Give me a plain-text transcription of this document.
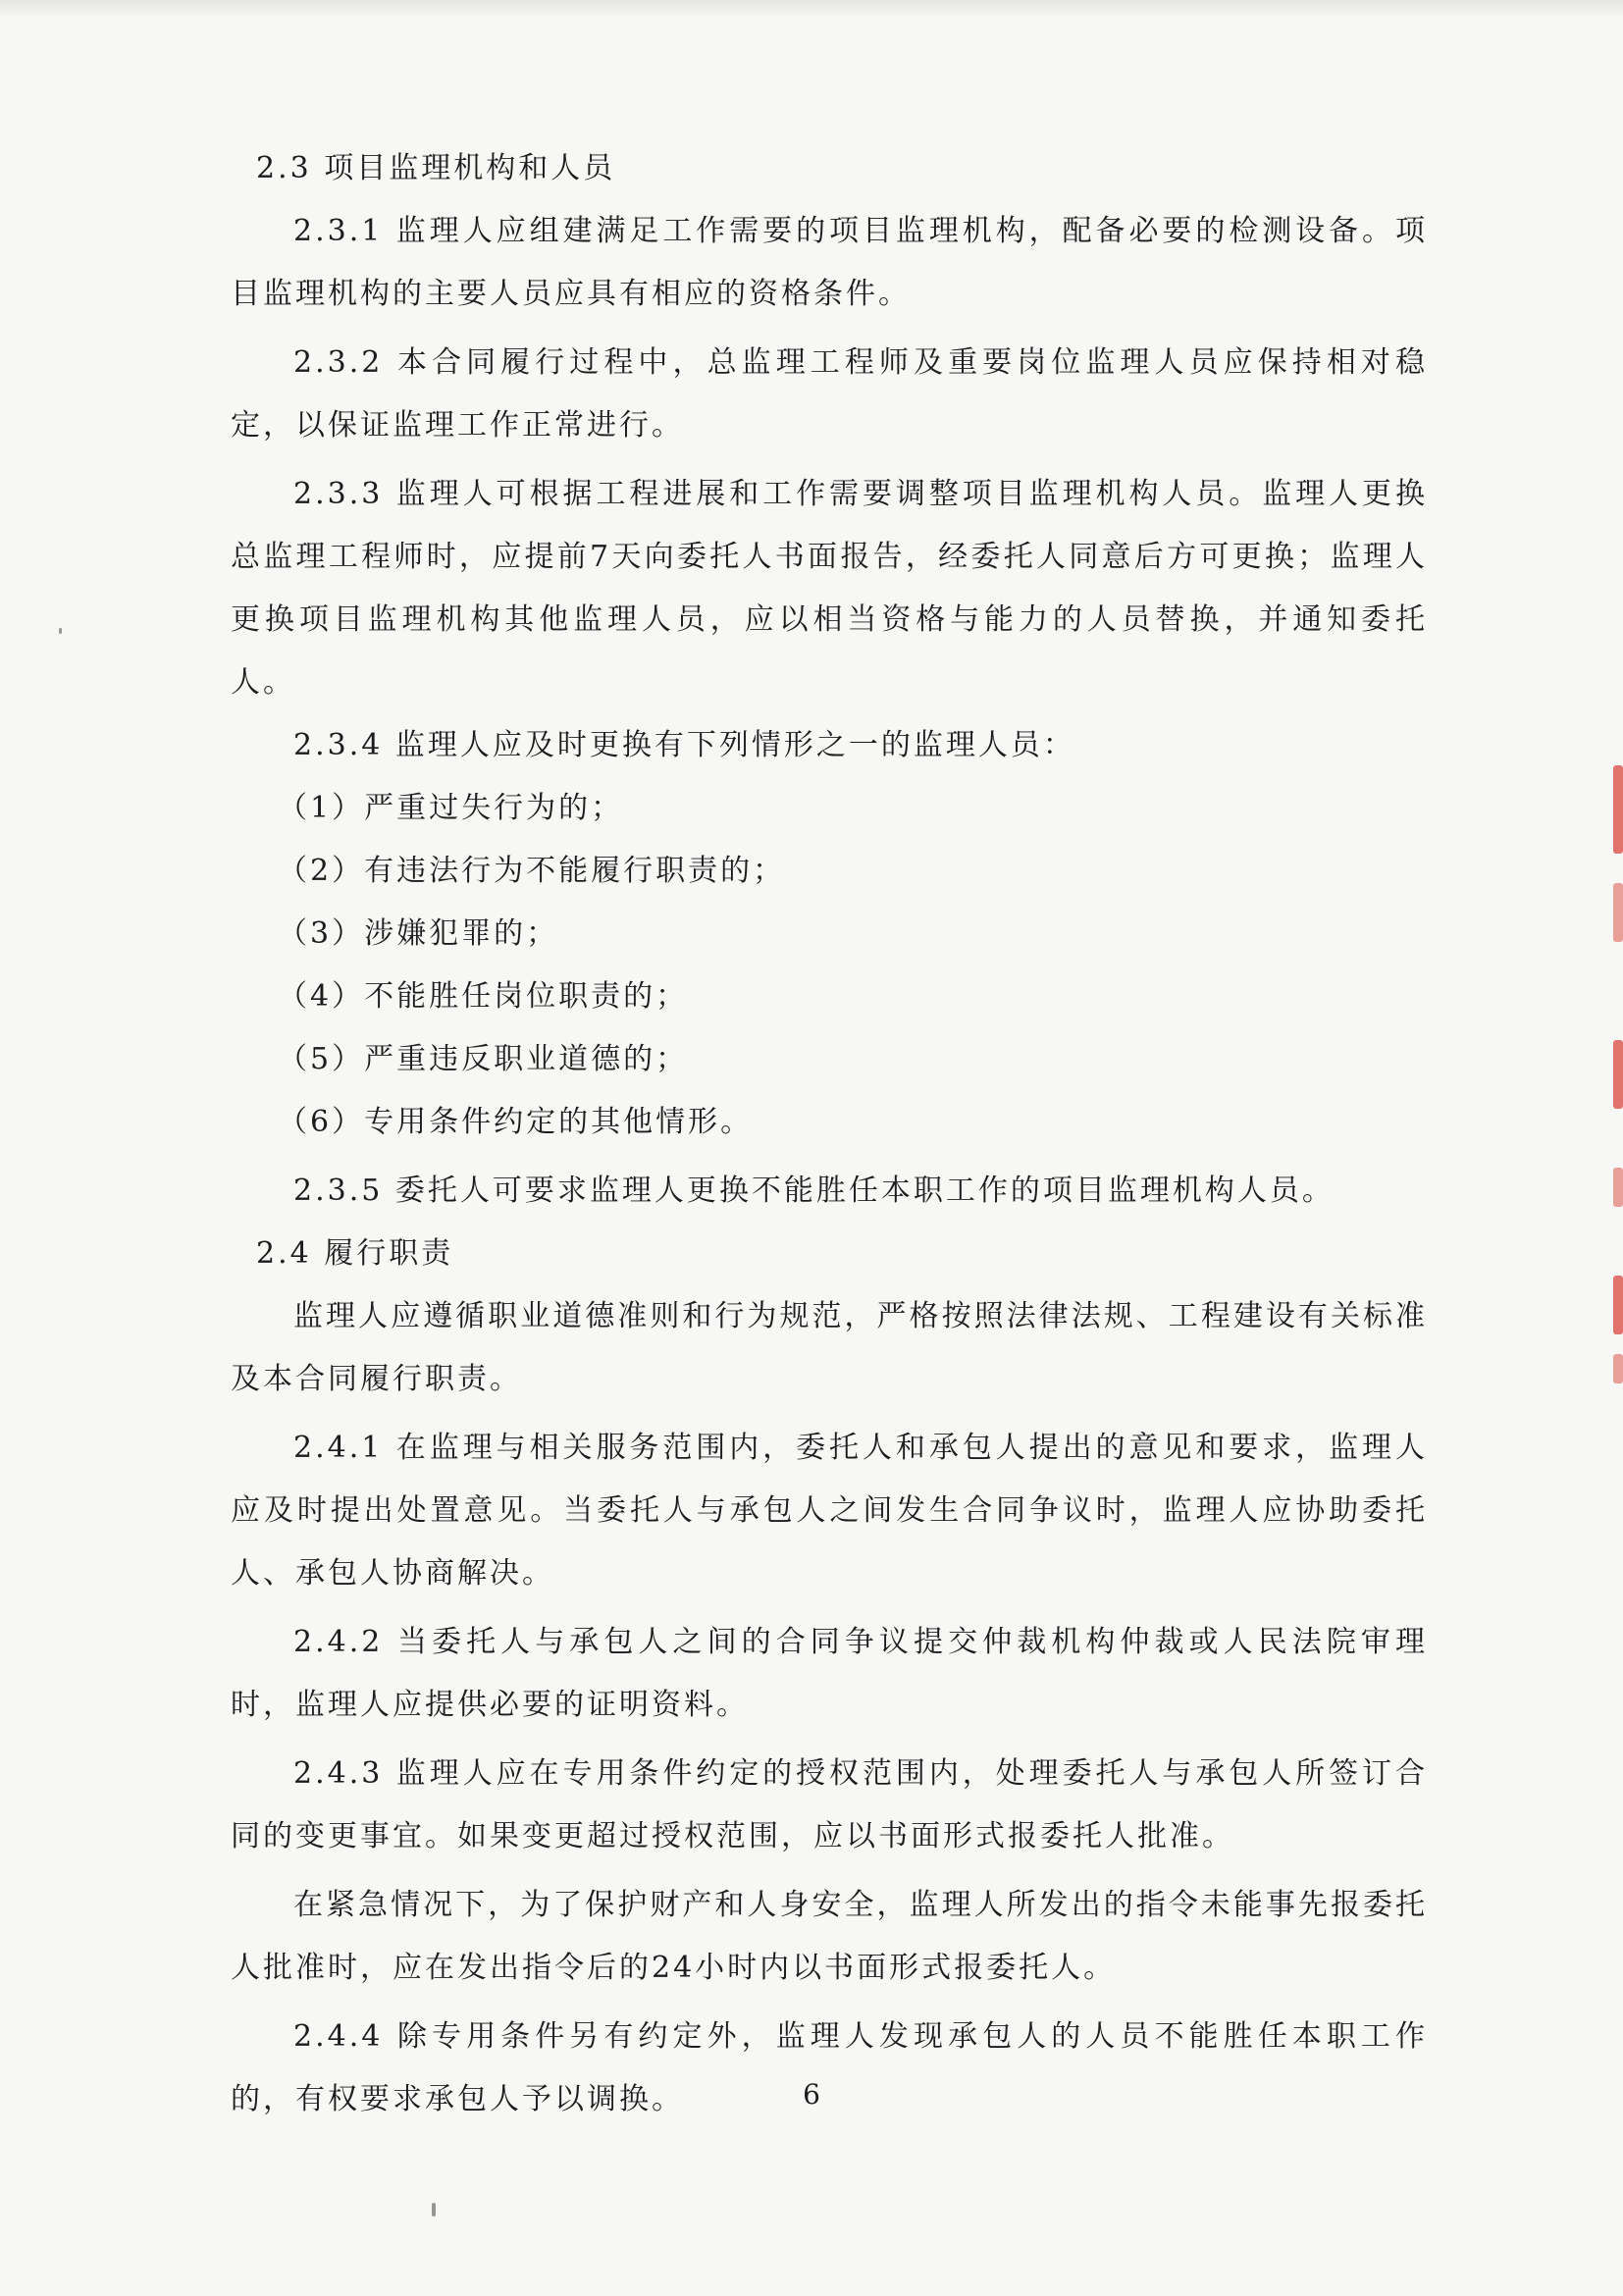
2.3 项目监理机构和人员

2.3.1 监理人应组建满足工作需要的项目监理机构，配备必要的检测设备。项目监理机构的主要人员应具有相应的资格条件。

2.3.2 本合同履行过程中，总监理工程师及重要岗位监理人员应保持相对稳定，以保证监理工作正常进行。

2.3.3 监理人可根据工程进展和工作需要调整项目监理机构人员。监理人更换总监理工程师时，应提前7天向委托人书面报告，经委托人同意后方可更换；监理人更换项目监理机构其他监理人员，应以相当资格与能力的人员替换，并通知委托人。

2.3.4 监理人应及时更换有下列情形之一的监理人员：

（1）严重过失行为的；

（2）有违法行为不能履行职责的；

（3）涉嫌犯罪的；

（4）不能胜任岗位职责的；

（5）严重违反职业道德的；

（6）专用条件约定的其他情形。

2.3.5 委托人可要求监理人更换不能胜任本职工作的项目监理机构人员。

2.4 履行职责

监理人应遵循职业道德准则和行为规范，严格按照法律法规、工程建设有关标准及本合同履行职责。

2.4.1 在监理与相关服务范围内，委托人和承包人提出的意见和要求，监理人应及时提出处置意见。当委托人与承包人之间发生合同争议时，监理人应协助委托人、承包人协商解决。

2.4.2 当委托人与承包人之间的合同争议提交仲裁机构仲裁或人民法院审理时，监理人应提供必要的证明资料。

2.4.3 监理人应在专用条件约定的授权范围内，处理委托人与承包人所签订合同的变更事宜。如果变更超过授权范围，应以书面形式报委托人批准。

在紧急情况下，为了保护财产和人身安全，监理人所发出的指令未能事先报委托人批准时，应在发出指令后的24小时内以书面形式报委托人。

2.4.4 除专用条件另有约定外，监理人发现承包人的人员不能胜任本职工作的，有权要求承包人予以调换。	6
